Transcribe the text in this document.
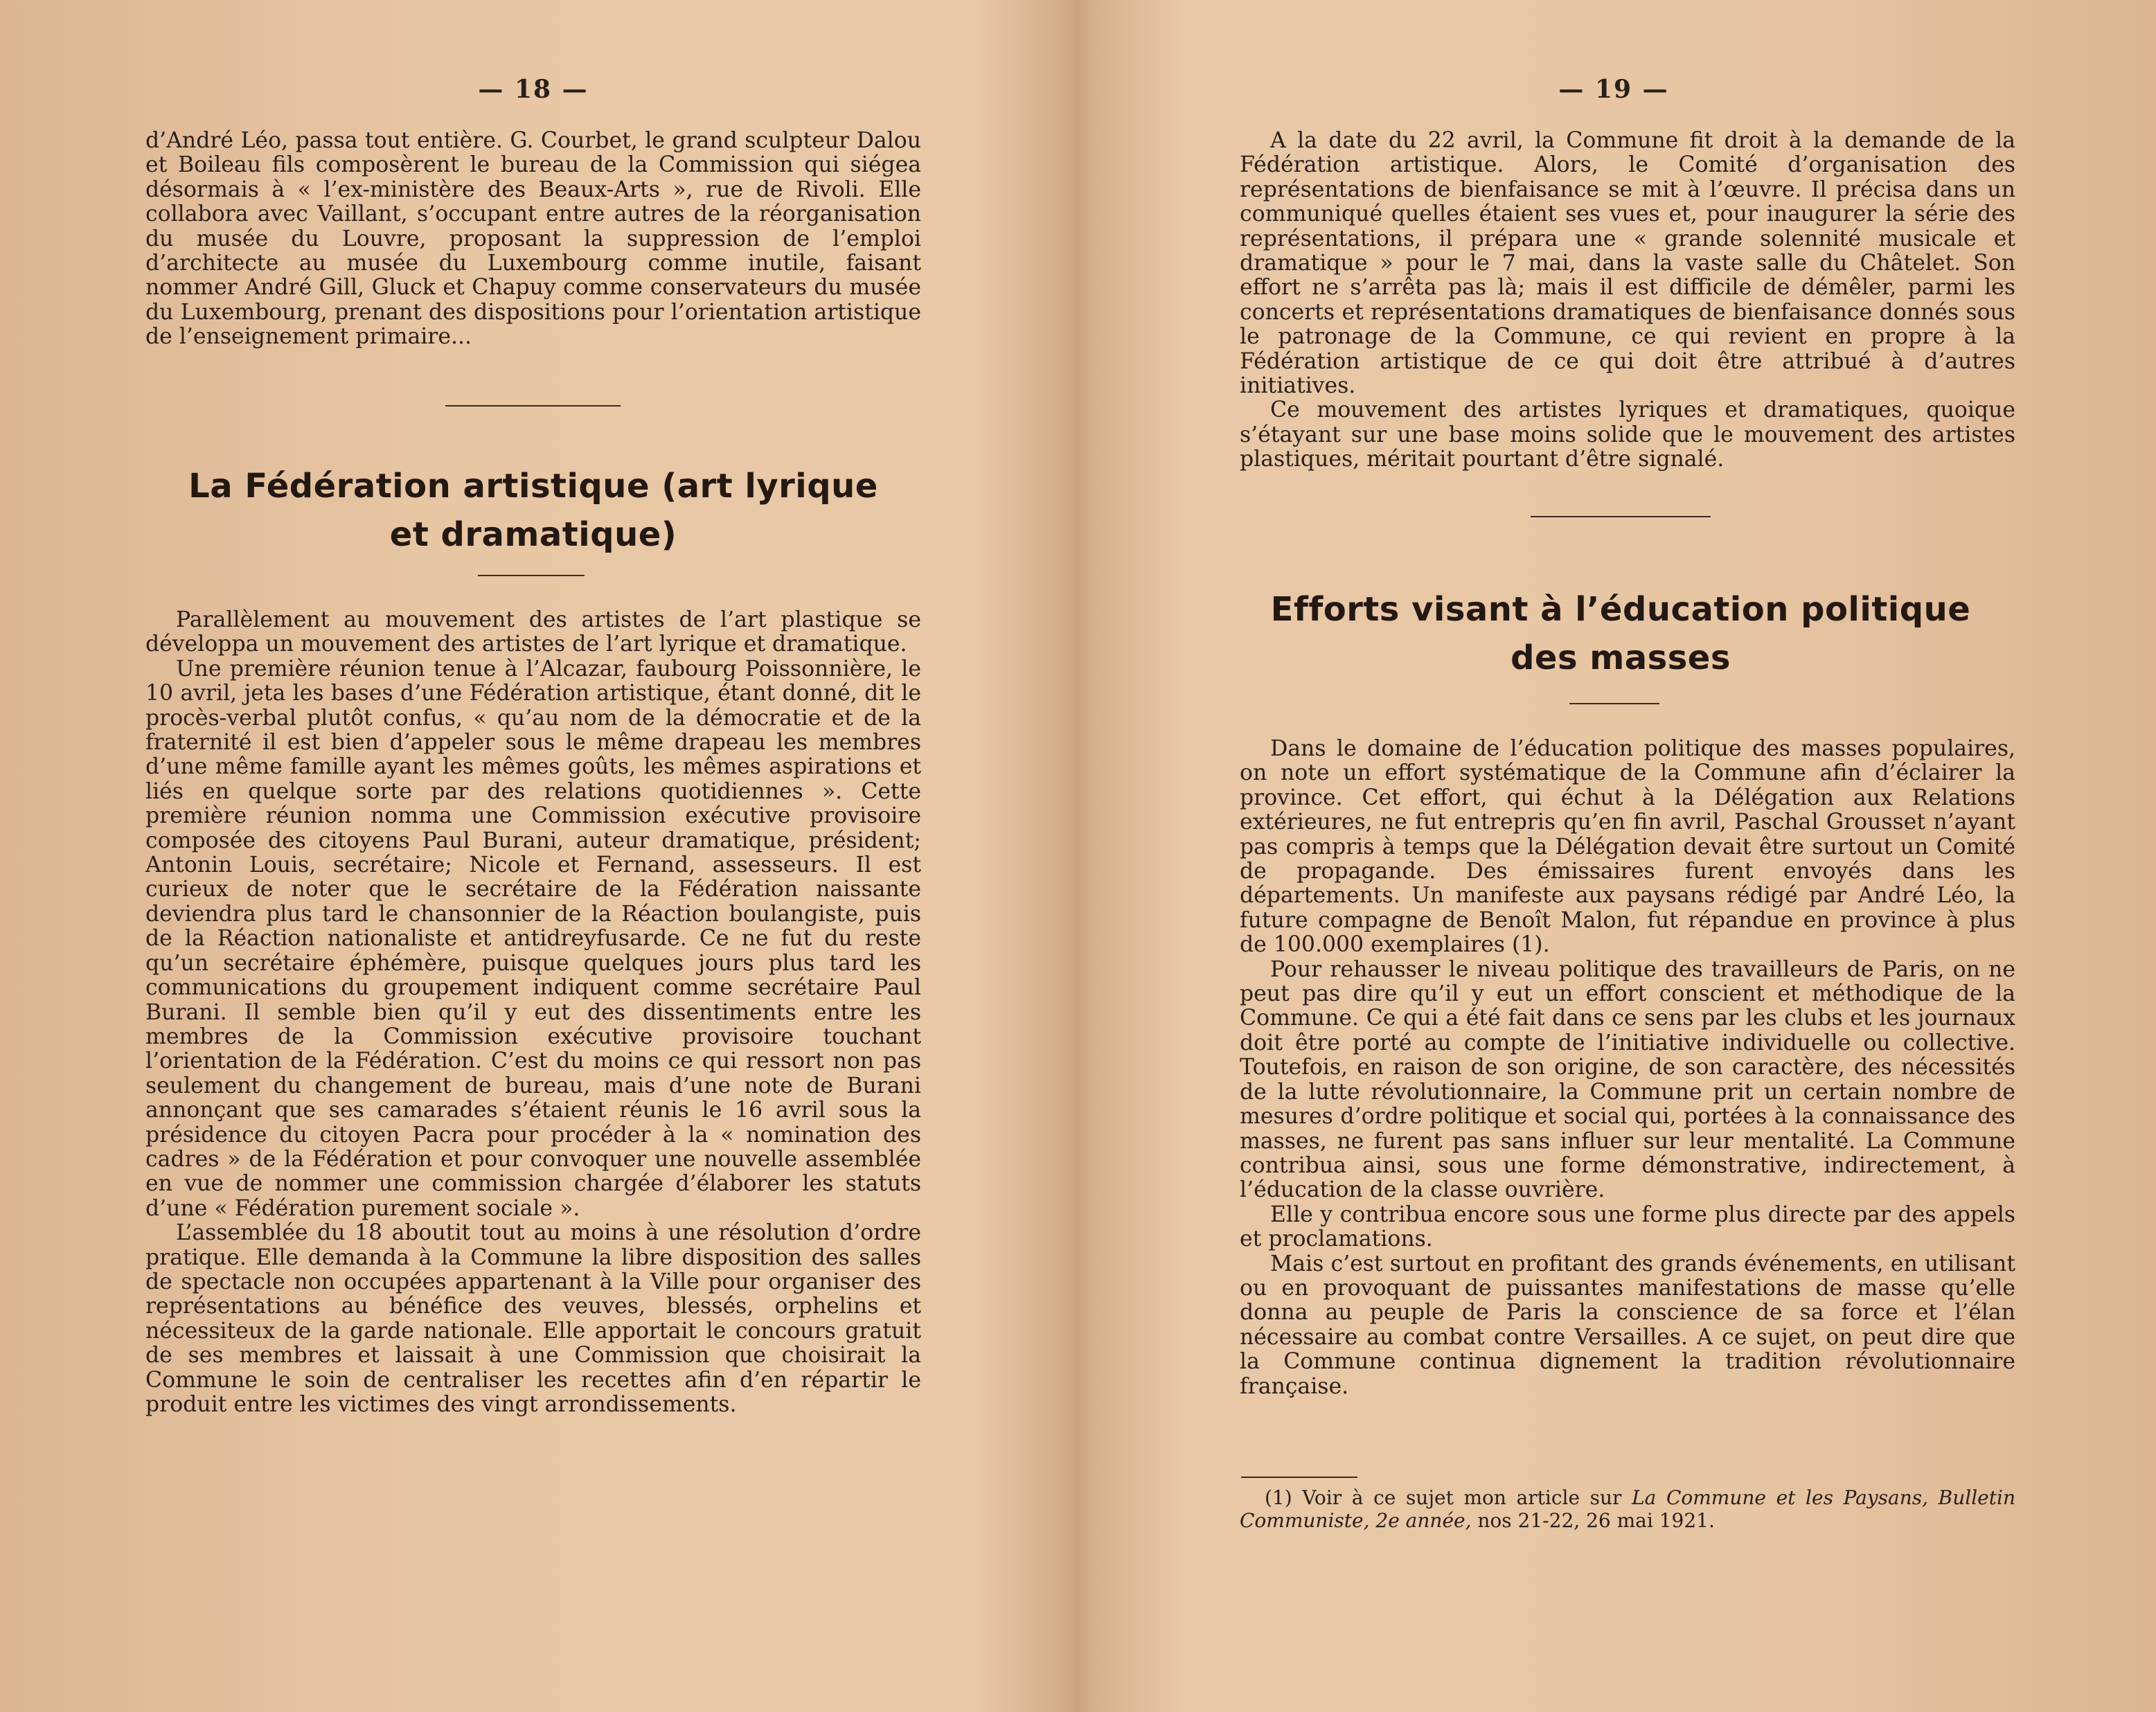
— 18 —

d’André Léo, passa tout entière. G. Courbet, le grand sculpteur Dalou et Boileau fils composèrent le bureau de la Commission qui siégea désormais à « l’ex-ministère des Beaux-Arts », rue de Rivoli. Elle collabora avec Vaillant, s’occupant entre autres de la réorganisation du musée du Louvre, proposant la suppression de l’emploi d’architecte au musée du Luxembourg comme inutile, faisant nommer André Gill, Gluck et Chapuy comme conservateurs du musée du Luxembourg, prenant des dispositions pour l’orientation artistique de l’enseignement primaire...

La Fédération artistique (art lyrique
et dramatique)

Parallèlement au mouvement des artistes de l’art plastique se développa un mouvement des artistes de l’art lyrique et dramatique.

Une première réunion tenue à l’Alcazar, faubourg Poissonnière, le 10 avril, jeta les bases d’une Fédération artistique, étant donné, dit le procès-verbal plutôt confus, « qu’au nom de la démocratie et de la fraternité il est bien d’appeler sous le même drapeau les membres d’une même famille ayant les mêmes goûts, les mêmes aspirations et liés en quelque sorte par des relations quotidiennes ». Cette première réunion nomma une Commission exécutive provisoire composée des citoyens Paul Burani, auteur dramatique, président; Antonin Louis, secrétaire; Nicole et Fernand, assesseurs. Il est curieux de noter que le secrétaire de la Fédération naissante deviendra plus tard le chansonnier de la Réaction boulangiste, puis de la Réaction nationaliste et antidreyfusarde. Ce ne fut du reste qu’un secrétaire éphémère, puisque quelques jours plus tard les communications du groupement indiquent comme secrétaire Paul Burani. Il semble bien qu’il y eut des dissentiments entre les membres de la Commission exécutive provisoire touchant l’orientation de la Fédération. C’est du moins ce qui ressort non pas seulement du changement de bureau, mais d’une note de Burani annonçant que ses camarades s’étaient réunis le 16 avril sous la présidence du citoyen Pacra pour procéder à la « nomination des cadres » de la Fédération et pour convoquer une nouvelle assemblée en vue de nommer une commission chargée d’élaborer les statuts d’une « Fédération purement sociale ».

L’assemblée du 18 aboutit tout au moins à une résolution d’ordre pratique. Elle demanda à la Commune la libre disposition des salles de spectacle non occupées appartenant à la Ville pour organiser des représentations au bénéfice des veuves, blessés, orphelins et nécessiteux de la garde nationale. Elle apportait le concours gratuit de ses membres et laissait à une Commission que choisirait la Commune le soin de centraliser les recettes afin d’en répartir le produit entre les victimes des vingt arrondissements.

— 19 —

A la date du 22 avril, la Commune fit droit à la demande de la Fédération artistique. Alors, le Comité d’organisation des représentations de bienfaisance se mit à l’œuvre. Il précisa dans un communiqué quelles étaient ses vues et, pour inaugurer la série des représentations, il prépara une « grande solennité musicale et dramatique » pour le 7 mai, dans la vaste salle du Châtelet. Son effort ne s’arrêta pas là; mais il est difficile de démêler, parmi les concerts et représentations dramatiques de bienfaisance donnés sous le patronage de la Commune, ce qui revient en propre à la Fédération artistique de ce qui doit être attribué à d’autres initiatives.

Ce mouvement des artistes lyriques et dramatiques, quoique s’étayant sur une base moins solide que le mouvement des artistes plastiques, méritait pourtant d’être signalé.

Efforts visant à l’éducation politique
des masses

Dans le domaine de l’éducation politique des masses populaires, on note un effort systématique de la Commune afin d’éclairer la province. Cet effort, qui échut à la Délégation aux Relations extérieures, ne fut entrepris qu’en fin avril, Paschal Grousset n’ayant pas compris à temps que la Délégation devait être surtout un Comité de propagande. Des émissaires furent envoyés dans les départements. Un manifeste aux paysans rédigé par André Léo, la future compagne de Benoît Malon, fut répandue en province à plus de 100.000 exemplaires (1).

Pour rehausser le niveau politique des travailleurs de Paris, on ne peut pas dire qu’il y eut un effort conscient et méthodique de la Commune. Ce qui a été fait dans ce sens par les clubs et les journaux doit être porté au compte de l’initiative individuelle ou collective. Toutefois, en raison de son origine, de son caractère, des nécessités de la lutte révolutionnaire, la Commune prit un certain nombre de mesures d’ordre politique et social qui, portées à la connaissance des masses, ne furent pas sans influer sur leur mentalité. La Commune contribua ainsi, sous une forme démonstrative, indirectement, à l’éducation de la classe ouvrière.

Elle y contribua encore sous une forme plus directe par des appels et proclamations.

Mais c’est surtout en profitant des grands événements, en utilisant ou en provoquant de puissantes manifestations de masse qu’elle donna au peuple de Paris la conscience de sa force et l’élan nécessaire au combat contre Versailles. A ce sujet, on peut dire que la Commune continua dignement la tradition révolutionnaire française.

(1) Voir à ce sujet mon article sur La Commune et les Paysans, Bulletin Communiste, 2e année, nos 21-22, 26 mai 1921.
